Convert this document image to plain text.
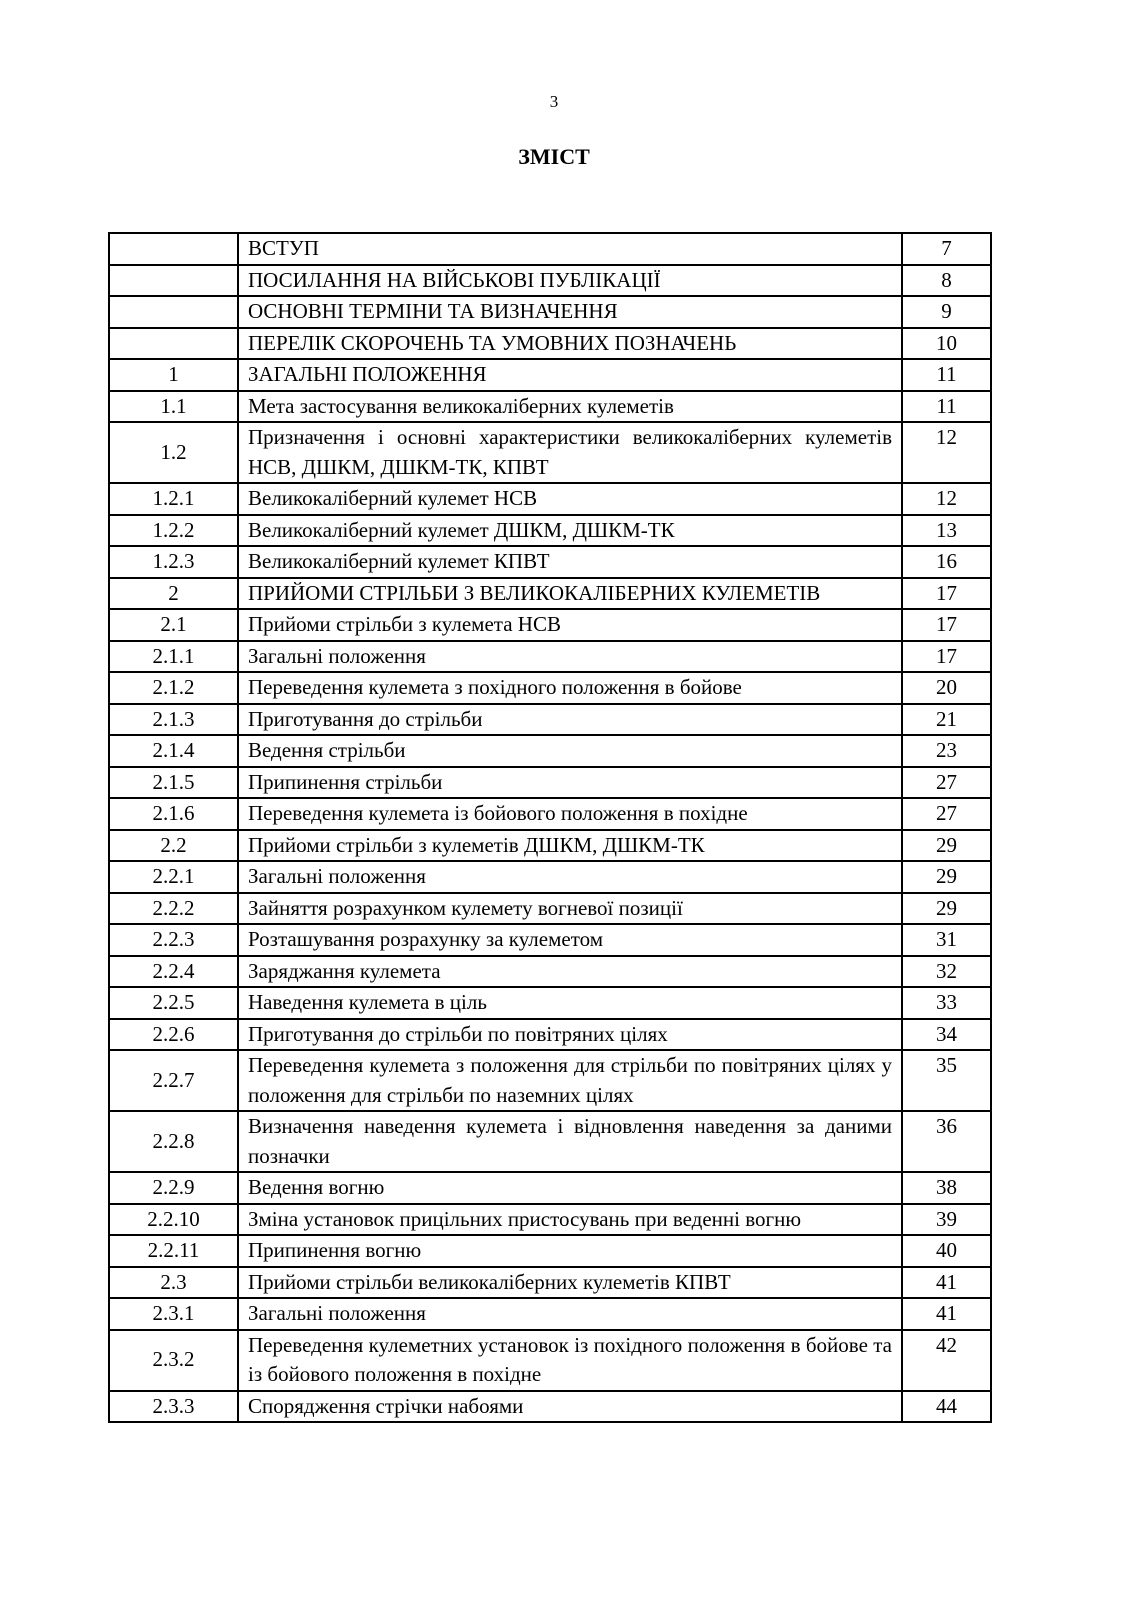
3
ЗМІСТ
	ВСТУП	7
	ПОСИЛАННЯ НА ВІЙСЬКОВІ ПУБЛІКАЦІЇ	8
	ОСНОВНІ ТЕРМІНИ ТА ВИЗНАЧЕННЯ	9
	ПЕРЕЛІК СКОРОЧЕНЬ ТА УМОВНИХ ПОЗНАЧЕНЬ	10
1	ЗАГАЛЬНІ ПОЛОЖЕННЯ	11
1.1	Мета застосування великокаліберних кулеметів	11
1.2	Призначення і основні характеристики великокаліберних кулеметів НСВ, ДШКМ, ДШКМ-ТК, КПВТ	12
1.2.1	Великокаліберний кулемет НСВ	12
1.2.2	Великокаліберний кулемет ДШКМ, ДШКМ-ТК	13
1.2.3	Великокаліберний кулемет КПВТ	16
2	ПРИЙОМИ СТРІЛЬБИ З ВЕЛИКОКАЛІБЕРНИХ КУЛЕМЕТІВ	17
2.1	Прийоми стрільби з кулемета НСВ	17
2.1.1	Загальні положення	17
2.1.2	Переведення кулемета з похідного положення в бойове	20
2.1.3	Приготування до стрільби	21
2.1.4	Ведення стрільби	23
2.1.5	Припинення стрільби	27
2.1.6	Переведення кулемета із бойового положення в похідне	27
2.2	Прийоми стрільби з кулеметів ДШКМ, ДШКМ-ТК	29
2.2.1	Загальні положення	29
2.2.2	Зайняття розрахунком кулемету вогневої позиції	29
2.2.3	Розташування розрахунку за кулеметом	31
2.2.4	Заряджання кулемета	32
2.2.5	Наведення кулемета в ціль	33
2.2.6	Приготування до стрільби по повітряних цілях	34
2.2.7	Переведення кулемета з положення для стрільби по повітряних цілях у положення для стрільби по наземних цілях	35
2.2.8	Визначення наведення кулемета і відновлення наведення за даними позначки	36
2.2.9	Ведення вогню	38
2.2.10	Зміна установок прицільних пристосувань при веденні вогню	39
2.2.11	Припинення вогню	40
2.3	Прийоми стрільби великокаліберних кулеметів КПВТ	41
2.3.1	Загальні положення	41
2.3.2	Переведення кулеметних установок із похідного положення в бойове та із бойового положення в похідне	42
2.3.3	Спорядження стрічки набоями	44
